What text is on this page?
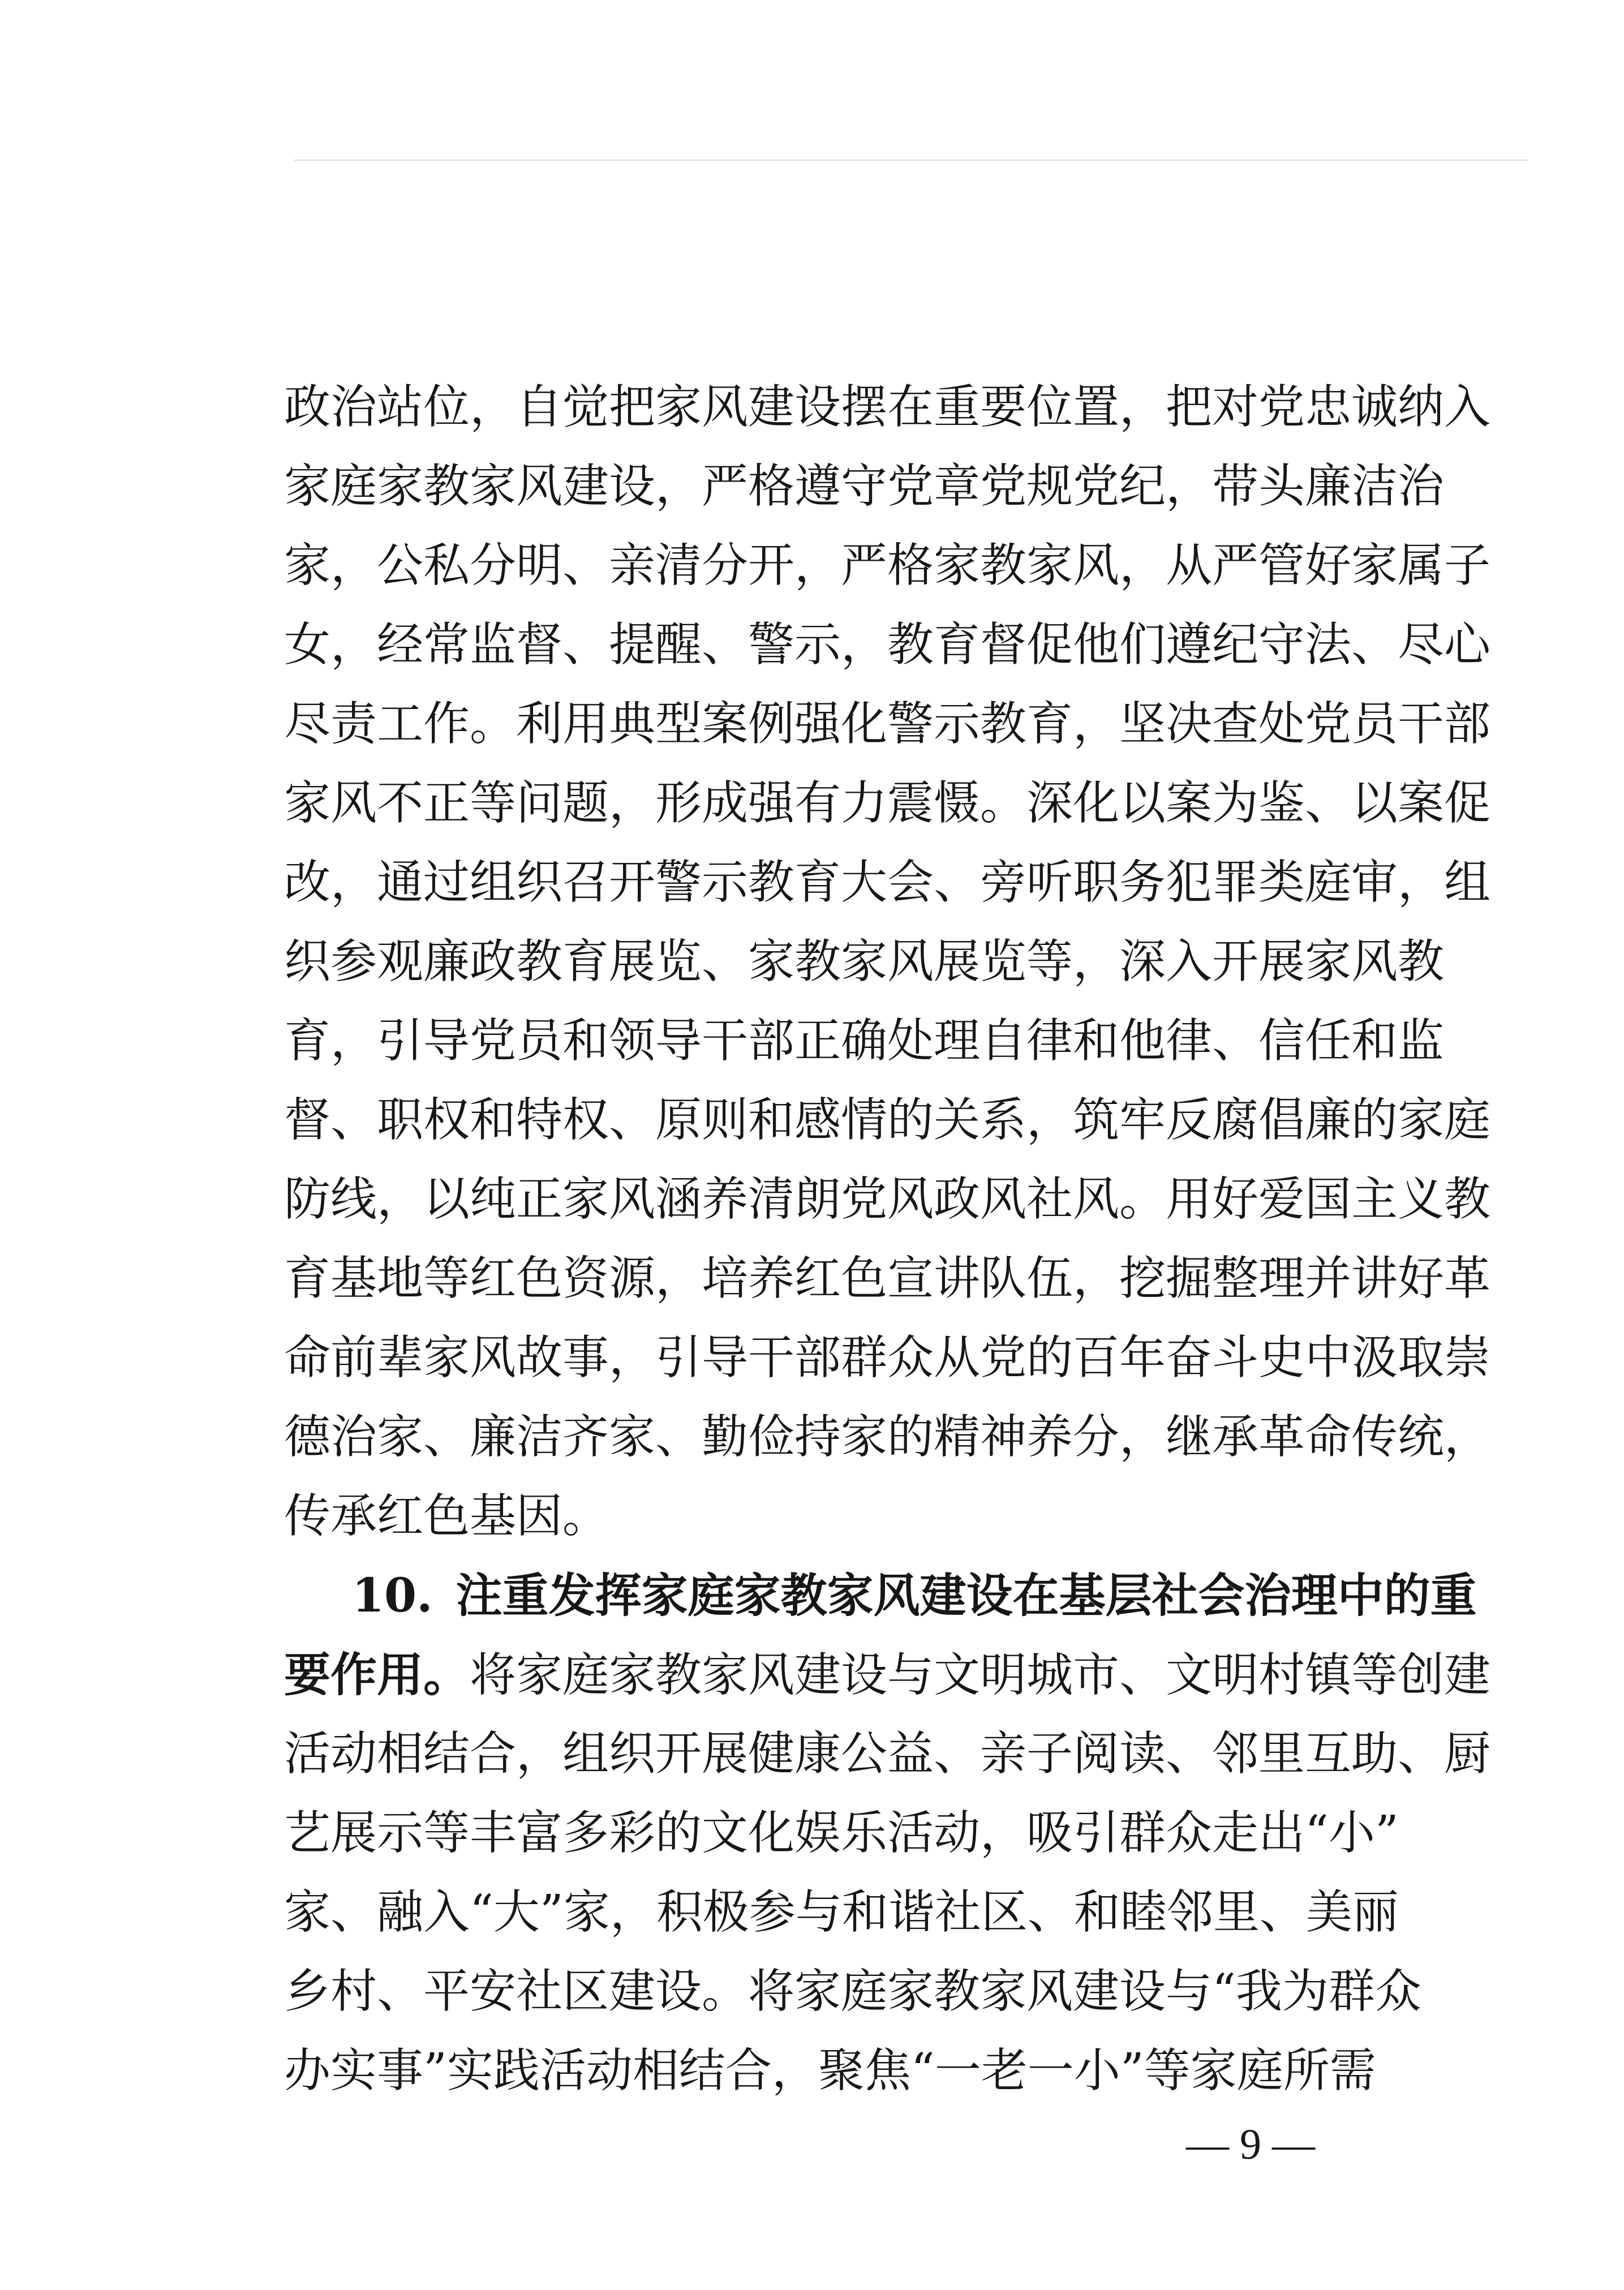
政治站位，自觉把家风建设摆在重要位置，把对党忠诚纳入
家庭家教家风建设，严格遵守党章党规党纪，带头廉洁治
家，公私分明、亲清分开，严格家教家风，从严管好家属子
女，经常监督、提醒、警示，教育督促他们遵纪守法、尽心
尽责工作。利用典型案例强化警示教育，坚决查处党员干部
家风不正等问题，形成强有力震慑。深化以案为鉴、以案促
改，通过组织召开警示教育大会、旁听职务犯罪类庭审，组
织参观廉政教育展览、家教家风展览等，深入开展家风教
育，引导党员和领导干部正确处理自律和他律、信任和监
督、职权和特权、原则和感情的关系，筑牢反腐倡廉的家庭
防线，以纯正家风涵养清朗党风政风社风。用好爱国主义教
育基地等红色资源，培养红色宣讲队伍，挖掘整理并讲好革
命前辈家风故事，引导干部群众从党的百年奋斗史中汲取崇
德治家、廉洁齐家、勤俭持家的精神养分，继承革命传统，
传承红色基因。
10.  注重发挥家庭家教家风建设在基层社会治理中的重
要作用。将家庭家教家风建设与文明城市、文明村镇等创建
活动相结合，组织开展健康公益、亲子阅读、邻里互助、厨
艺展示等丰富多彩的文化娱乐活动，吸引群众走出“小”
家、融入“大”家，积极参与和谐社区、和睦邻里、美丽
乡村、平安社区建设。将家庭家教家风建设与“我为群众
办实事”实践活动相结合，聚焦“一老一小”等家庭所需
— 9 —
